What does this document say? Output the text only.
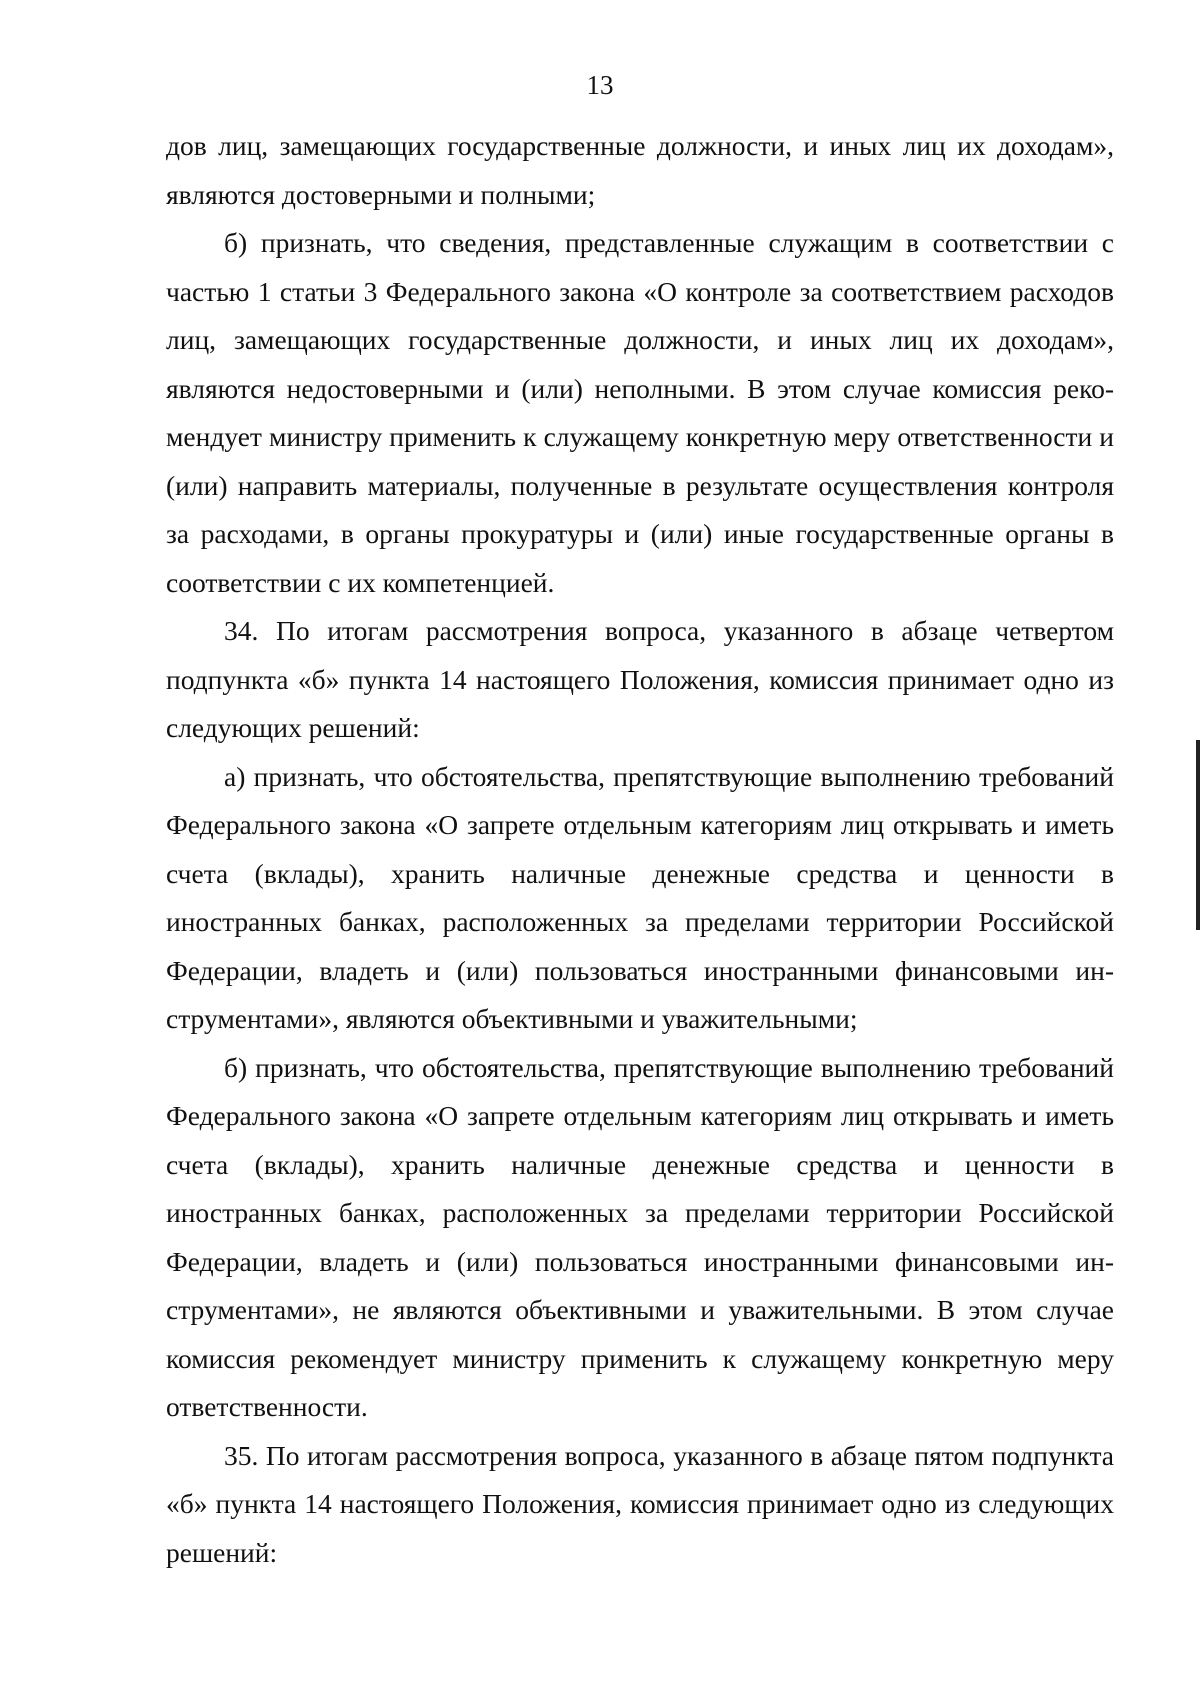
13

дов лиц, замещающих государственные должности, и иных лиц их доходам», являются достоверными и полными;

б) признать, что сведения, представленные служащим в соответствии с частью 1 статьи 3 Федерального закона «О контроле за соответствием расходов лиц, замещающих государственные должности, и иных лиц их доходам», являются недостоверными и (или) неполными. В этом случае комиссия рекомендует министру применить к служащему конкретную меру ответственности и (или) направить материалы, полученные в результате осуществления контроля за расходами, в органы прокуратуры и (или) иные государственные органы в соответствии с их компетенцией.

34. По итогам рассмотрения вопроса, указанного в абзаце четвертом подпункта «б» пункта 14 настоящего Положения, комиссия принимает одно из следующих решений:

а) признать, что обстоятельства, препятствующие выполнению требований Федерального закона «О запрете отдельным категориям лиц открывать и иметь счета (вклады), хранить наличные денежные средства и ценности в иностранных банках, расположенных за пределами территории Российской Федерации, владеть и (или) пользоваться иностранными финансовыми инструментами», являются объективными и уважительными;

б) признать, что обстоятельства, препятствующие выполнению требований Федерального закона «О запрете отдельным категориям лиц открывать и иметь счета (вклады), хранить наличные денежные средства и ценности в иностранных банках, расположенных за пределами территории Российской Федерации, владеть и (или) пользоваться иностранными финансовыми инструментами», не являются объективными и уважительными. В этом случае комиссия рекомендует министру применить к служащему конкретную меру ответственности.

35. По итогам рассмотрения вопроса, указанного в абзаце пятом подпункта «б» пункта 14 настоящего Положения, комиссия принимает одно из следующих решений:
